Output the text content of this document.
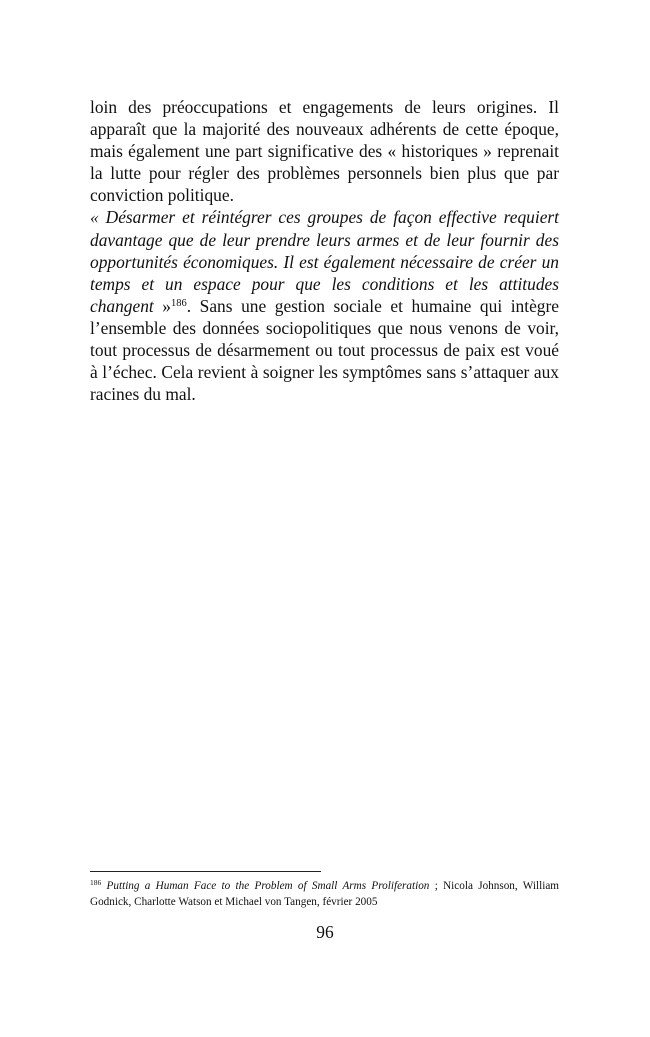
loin des préoccupations et engagements de leurs origines. Il apparaît que la majorité des nouveaux adhérents de cette époque, mais également une part significative des « historiques » reprenait la lutte pour régler des problèmes personnels bien plus que par conviction politique.

« Désarmer et réintégrer ces groupes de façon effective requiert davantage que de leur prendre leurs armes et de leur fournir des opportunités économiques. Il est également nécessaire de créer un temps et un espace pour que les conditions et les attitudes changent »$^{186}$. Sans une gestion sociale et humaine qui intègre l’ensemble des données sociopolitiques que nous venons de voir, tout processus de désarmement ou tout processus de paix est voué à l’échec. Cela revient à soigner les symptômes sans s’attaquer aux racines du mal.

$^{186}$ Putting a Human Face to the Problem of Small Arms Proliferation ; Nicola Johnson, William Godnick, Charlotte Watson et Michael von Tangen, février 2005

96
